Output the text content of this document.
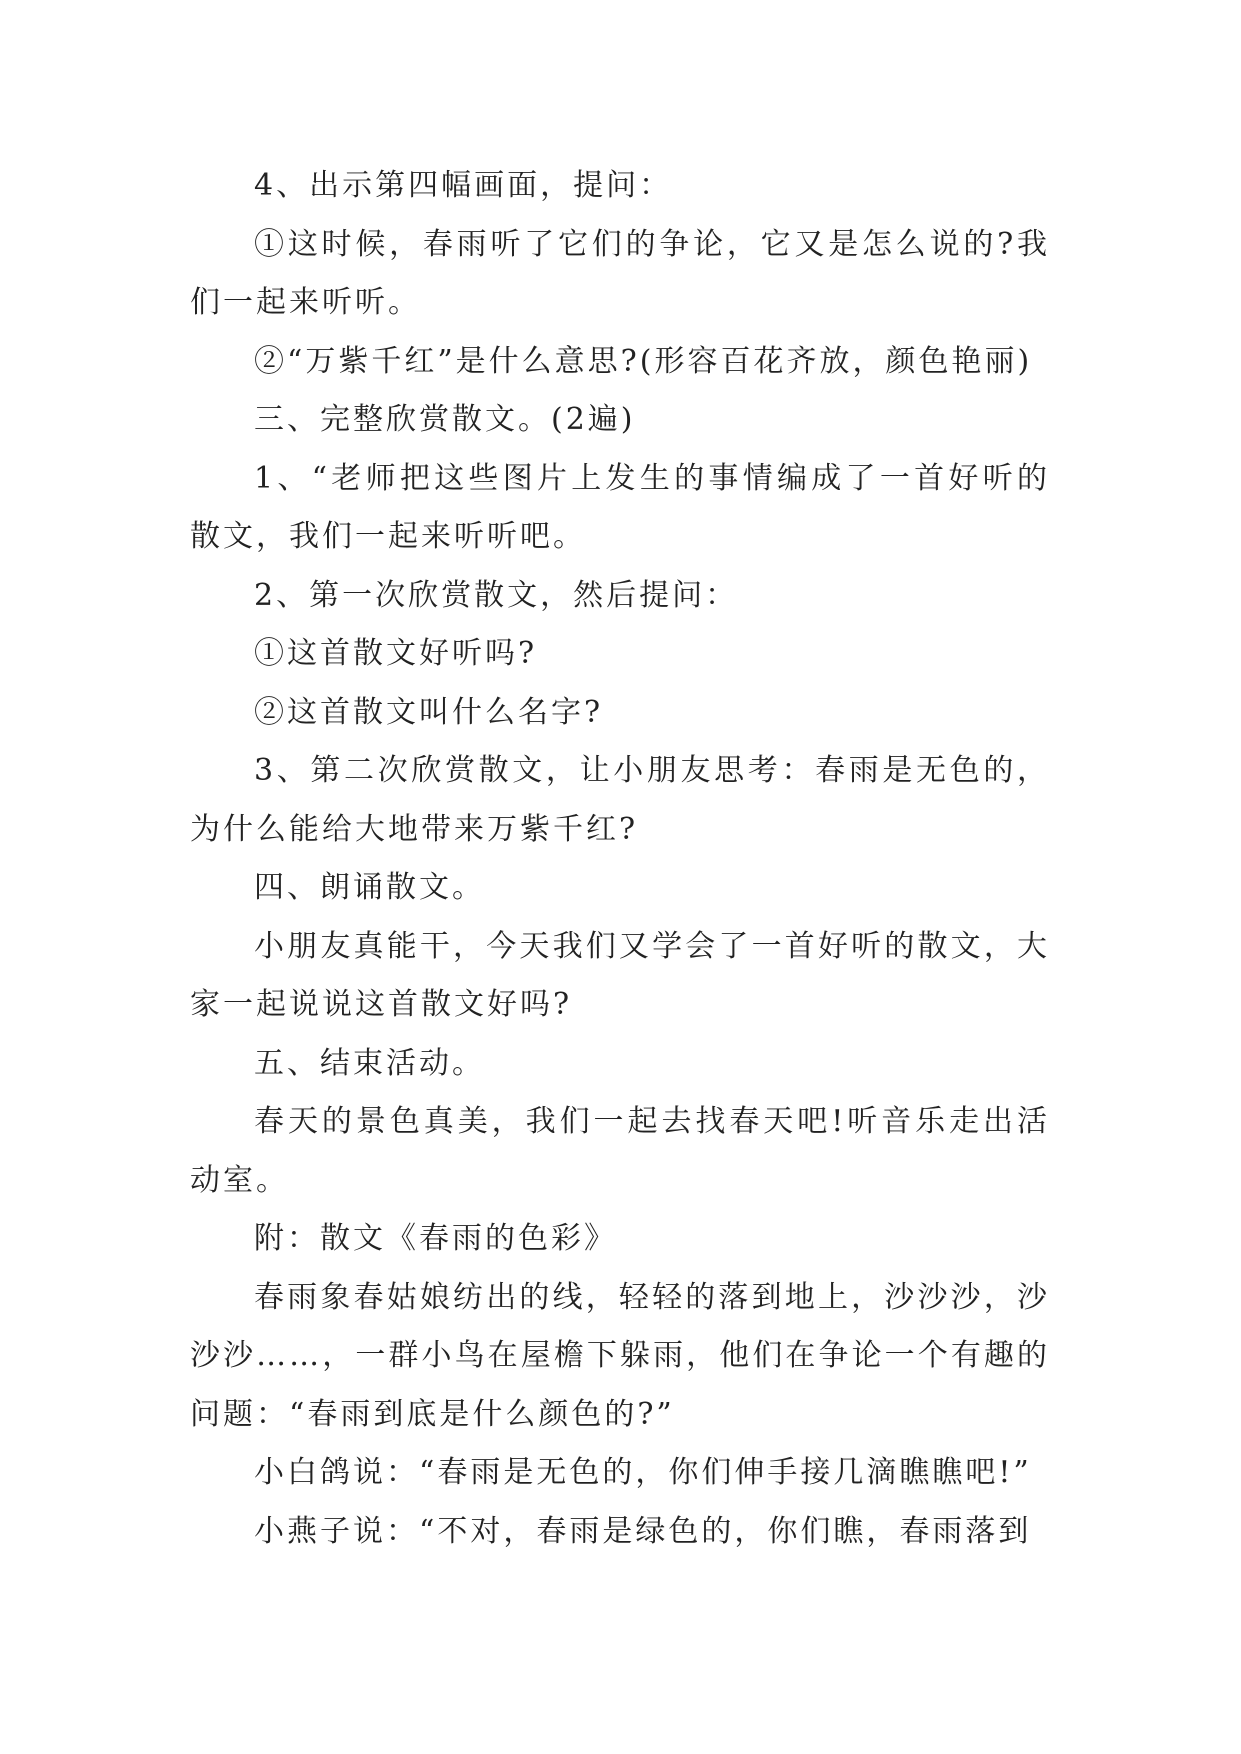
4、出示第四幅画面，提问：

①这时候，春雨听了它们的争论，它又是怎么说的?我们一起来听听。

②“万紫千红”是什么意思?(形容百花齐放，颜色艳丽)

三、完整欣赏散文。(2遍)

1、“老师把这些图片上发生的事情编成了一首好听的散文，我们一起来听听吧。

2、第一次欣赏散文，然后提问：

①这首散文好听吗?

②这首散文叫什么名字?

3、第二次欣赏散文，让小朋友思考：春雨是无色的，为什么能给大地带来万紫千红?

四、朗诵散文。

小朋友真能干，今天我们又学会了一首好听的散文，大家一起说说这首散文好吗?

五、结束活动。

春天的景色真美，我们一起去找春天吧!听音乐走出活动室。

附：散文《春雨的色彩》

春雨象春姑娘纺出的线，轻轻的落到地上，沙沙沙，沙沙沙……，一群小鸟在屋檐下躲雨，他们在争论一个有趣的问题：“春雨到底是什么颜色的?”

小白鸽说：“春雨是无色的，你们伸手接几滴瞧瞧吧!”

小燕子说：“不对，春雨是绿色的，你们瞧，春雨落到
